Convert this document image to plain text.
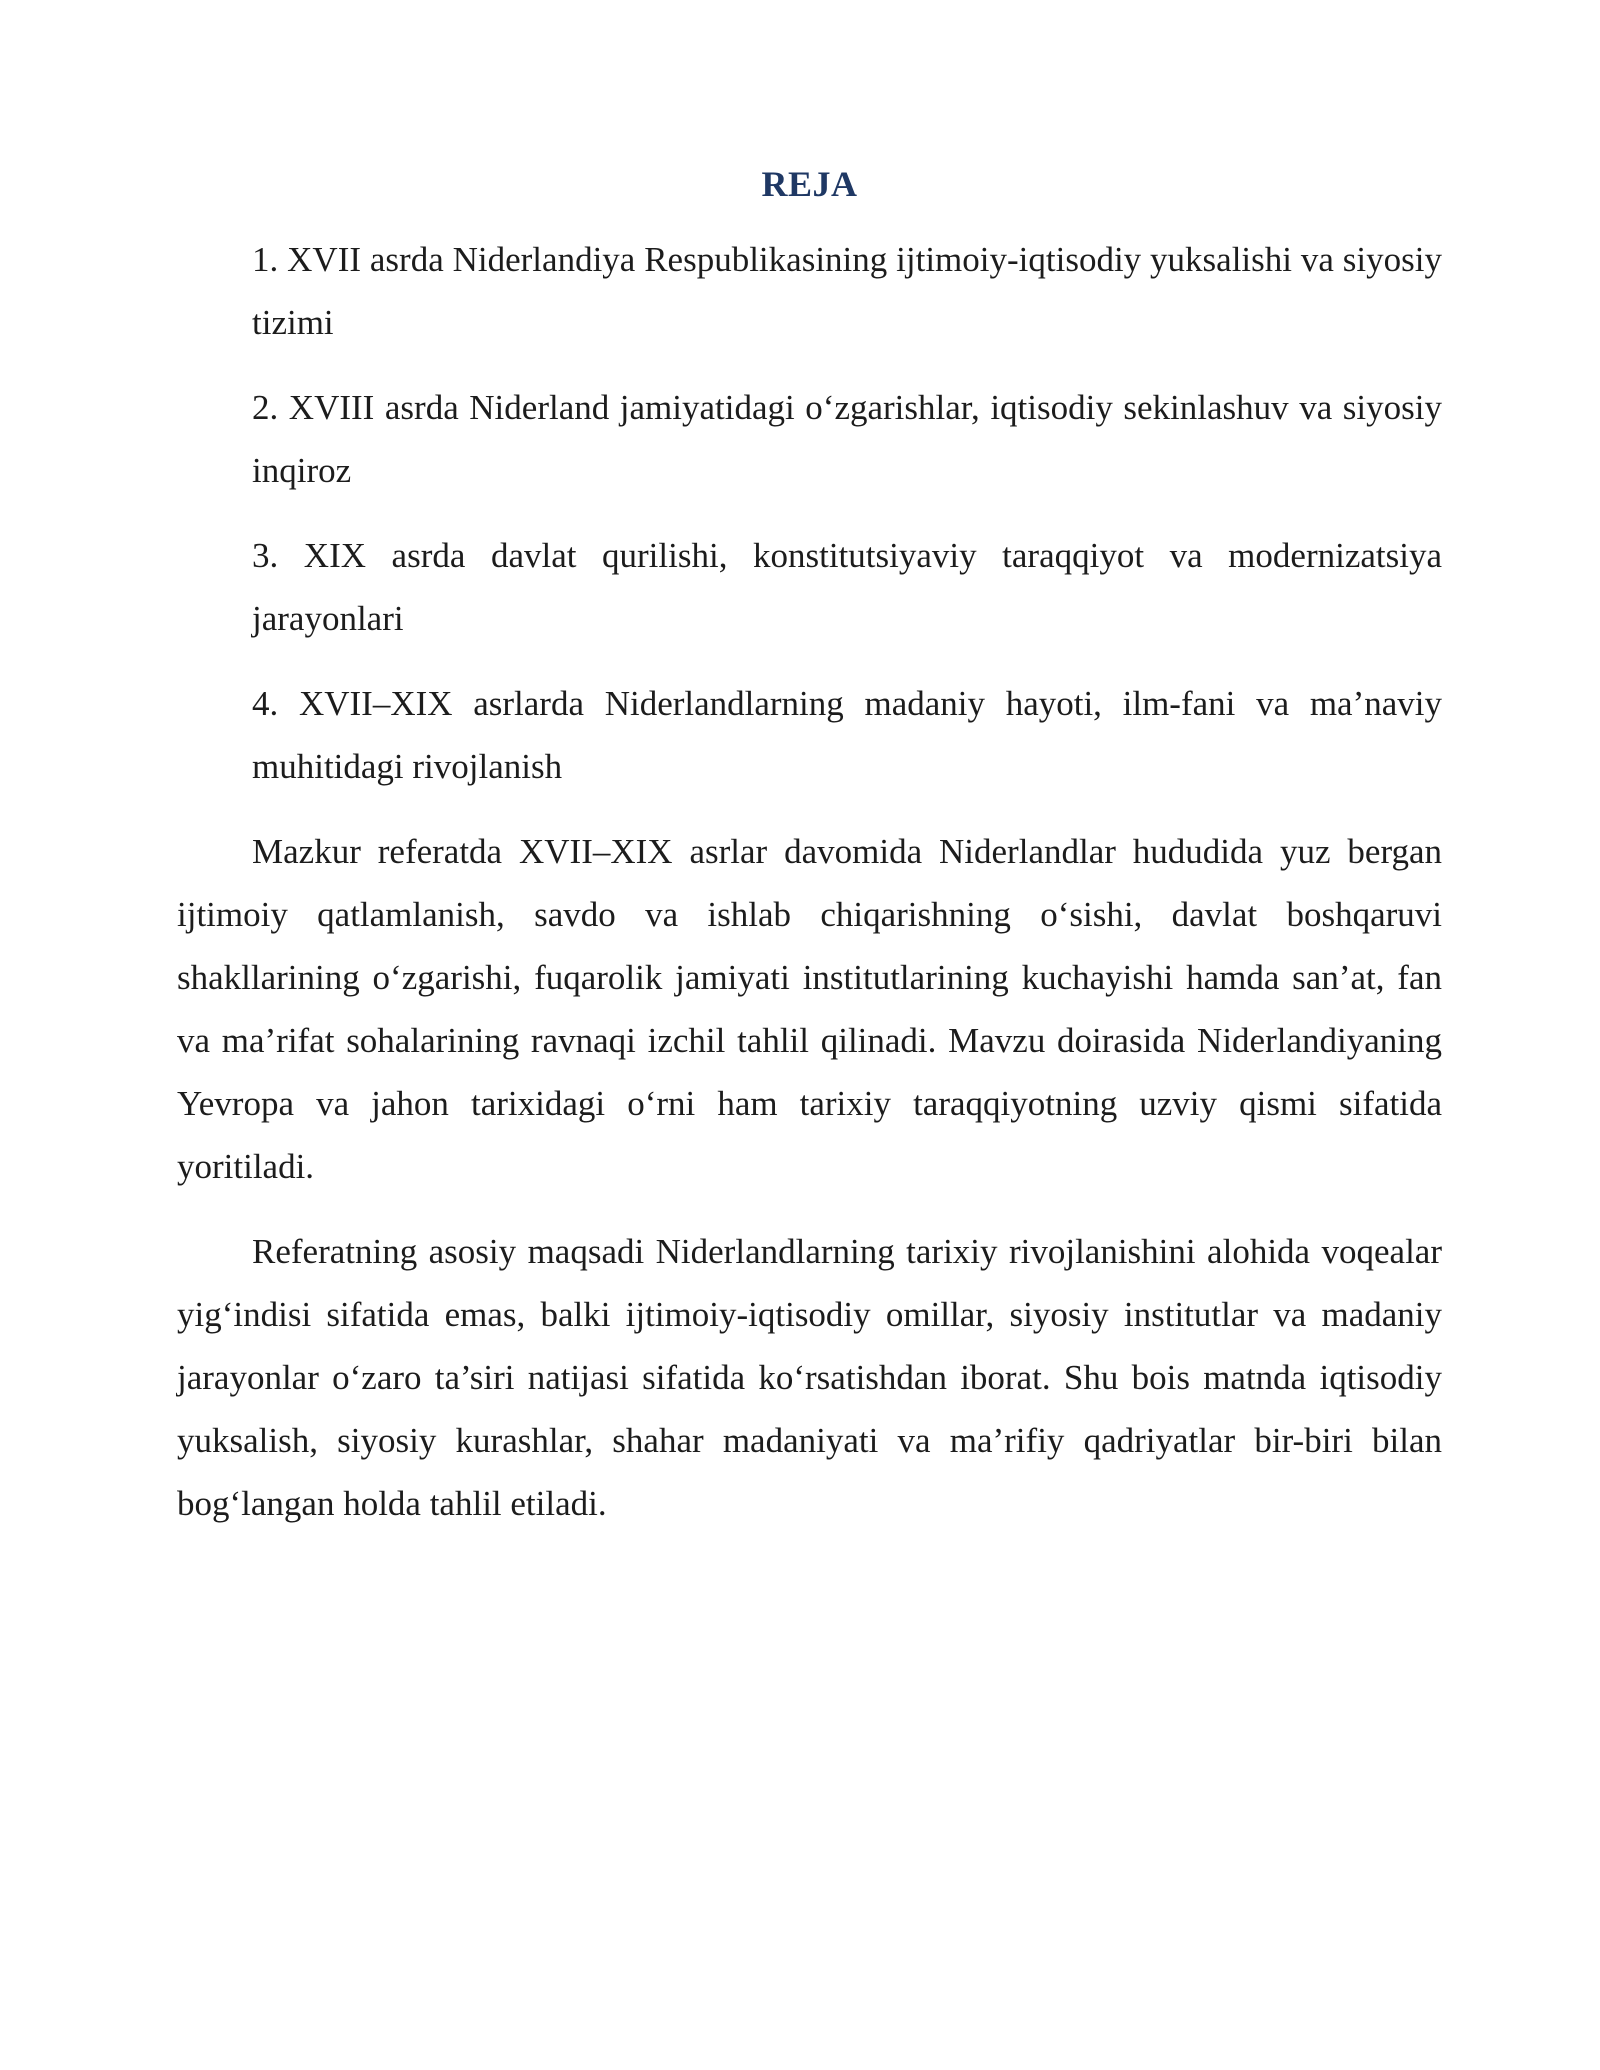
REJA
1. XVII asrda Niderlandiya Respublikasining ijtimoiy-iqtisodiy yuksalishi va siyosiy tizimi
2. XVIII asrda Niderland jamiyatidagi o‘zgarishlar, iqtisodiy sekinlashuv va siyosiy inqiroz
3. XIX asrda davlat qurilishi, konstitutsiyaviy taraqqiyot va modernizatsiya jarayonlari
4. XVII–XIX asrlarda Niderlandlarning madaniy hayoti, ilm-fani va ma’naviy muhitidagi rivojlanish

Mazkur referatda XVII–XIX asrlar davomida Niderlandlar hududida yuz bergan ijtimoiy qatlamlanish, savdo va ishlab chiqarishning o‘sishi, davlat boshqaruvi shakllarining o‘zgarishi, fuqarolik jamiyati institutlarining kuchayishi hamda san’at, fan va ma’rifat sohalarining ravnaqi izchil tahlil qilinadi. Mavzu doirasida Niderlandiyaning Yevropa va jahon tarixidagi o‘rni ham tarixiy taraqqiyotning uzviy qismi sifatida yoritiladi.

Referatning asosiy maqsadi Niderlandlarning tarixiy rivojlanishini alohida voqealar yig‘indisi sifatida emas, balki ijtimoiy-iqtisodiy omillar, siyosiy institutlar va madaniy jarayonlar o‘zaro ta’siri natijasi sifatida ko‘rsatishdan iborat. Shu bois matnda iqtisodiy yuksalish, siyosiy kurashlar, shahar madaniyati va ma’rifiy qadriyatlar bir-biri bilan bog‘langan holda tahlil etiladi.
